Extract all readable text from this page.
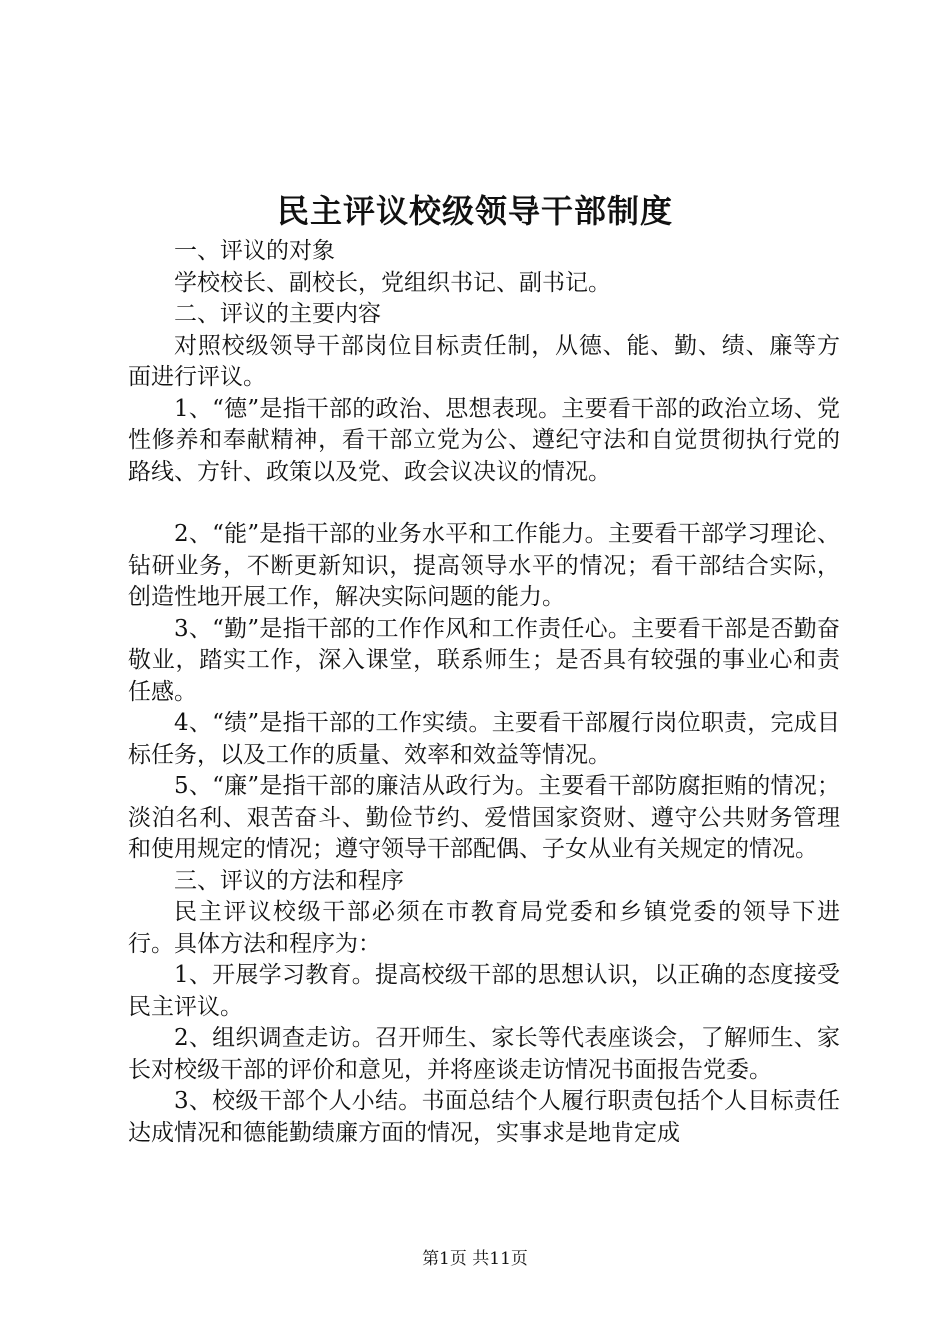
民主评议校级领导干部制度

一、评议的对象

学校校长、副校长，党组织书记、副书记。

二、评议的主要内容

对照校级领导干部岗位目标责任制，从德、能、勤、绩、廉等方面进行评议。

1、“德”是指干部的政治、思想表现。主要看干部的政治立场、党性修养和奉献精神，看干部立党为公、遵纪守法和自觉贯彻执行党的路线、方针、政策以及党、政会议决议的情况。

2、“能”是指干部的业务水平和工作能力。主要看干部学习理论、钻研业务，不断更新知识，提高领导水平的情况；看干部结合实际，创造性地开展工作，解决实际问题的能力。

3、“勤”是指干部的工作作风和工作责任心。主要看干部是否勤奋敬业，踏实工作，深入课堂，联系师生；是否具有较强的事业心和责任感。

4、“绩”是指干部的工作实绩。主要看干部履行岗位职责，完成目标任务，以及工作的质量、效率和效益等情况。

5、“廉”是指干部的廉洁从政行为。主要看干部防腐拒贿的情况；淡泊名利、艰苦奋斗、勤俭节约、爱惜国家资财、遵守公共财务管理和使用规定的情况；遵守领导干部配偶、子女从业有关规定的情况。

三、评议的方法和程序

民主评议校级干部必须在市教育局党委和乡镇党委的领导下进行。具体方法和程序为：

1、开展学习教育。提高校级干部的思想认识，以正确的态度接受民主评议。

2、组织调查走访。召开师生、家长等代表座谈会，了解师生、家长对校级干部的评价和意见，并将座谈走访情况书面报告党委。

3、校级干部个人小结。书面总结个人履行职责包括个人目标责任达成情况和德能勤绩廉方面的情况，实事求是地肯定成

第1页 共11页
